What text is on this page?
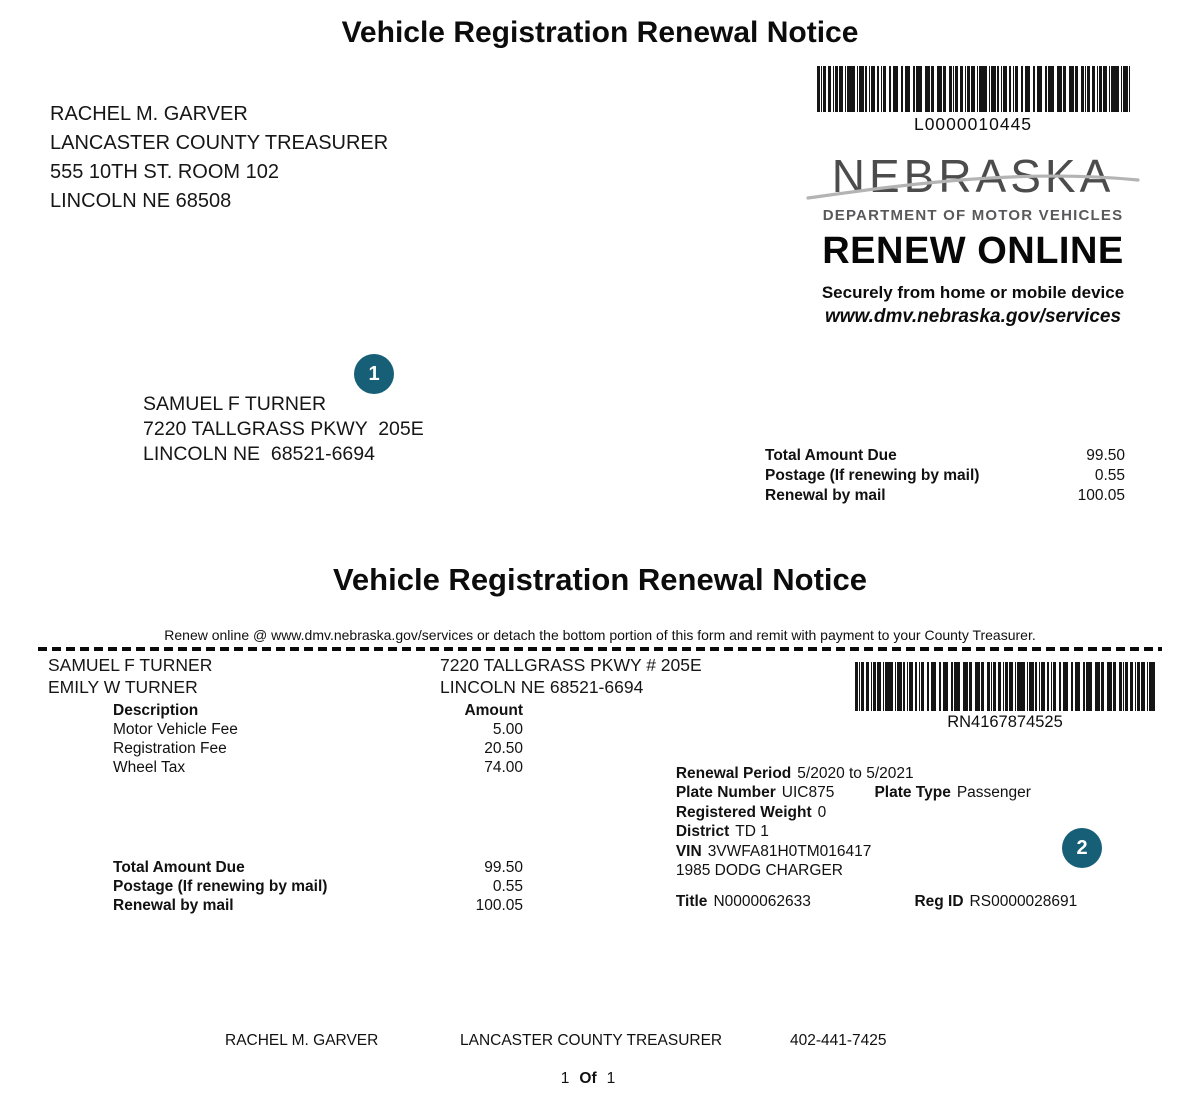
Vehicle Registration Renewal Notice
RACHEL M. GARVER
LANCASTER COUNTY TREASURER
555 10TH ST. ROOM 102
LINCOLN NE 68508
L0000010445
NEBRASKA
DEPARTMENT OF MOTOR VEHICLES
RENEW ONLINE
Securely from home or mobile device
www.dmv.nebraska.gov/services
1
SAMUEL F TURNER
7220 TALLGRASS PKWY  205E
LINCOLN NE  68521-6694	Total Amount Due	99.50
Postage (If renewing by mail)	0.55
Renewal by mail	100.05
Vehicle Registration Renewal Notice
Renew online @ www.dmv.nebraska.gov/services or detach the bottom portion of this form and remit with payment to your County Treasurer.
SAMUEL F TURNER
EMILY W TURNER
7220 TALLGRASS PKWY # 205E
LINCOLN NE 68521-6694
RN4167874525
Description	Amount
Motor Vehicle Fee	5.00
Registration Fee	20.50
Wheel Tax	74.00	Renewal Period 5/2020 to 5/2021

Plate Number UIC875
	Plate Type Passenger

Registered Weight 0

District TD 1

VIN 3VWFA81H0TM016417

1985 DODG CHARGER

Title N0000062633
	Reg ID RS0000028691

Total Amount Due	99.50
Postage (If renewing by mail)	0.55
Renewal by mail	100.05
2
RACHEL M. GARVER	LANCASTER COUNTY TREASURER	402-441-7425
1 Of 1
